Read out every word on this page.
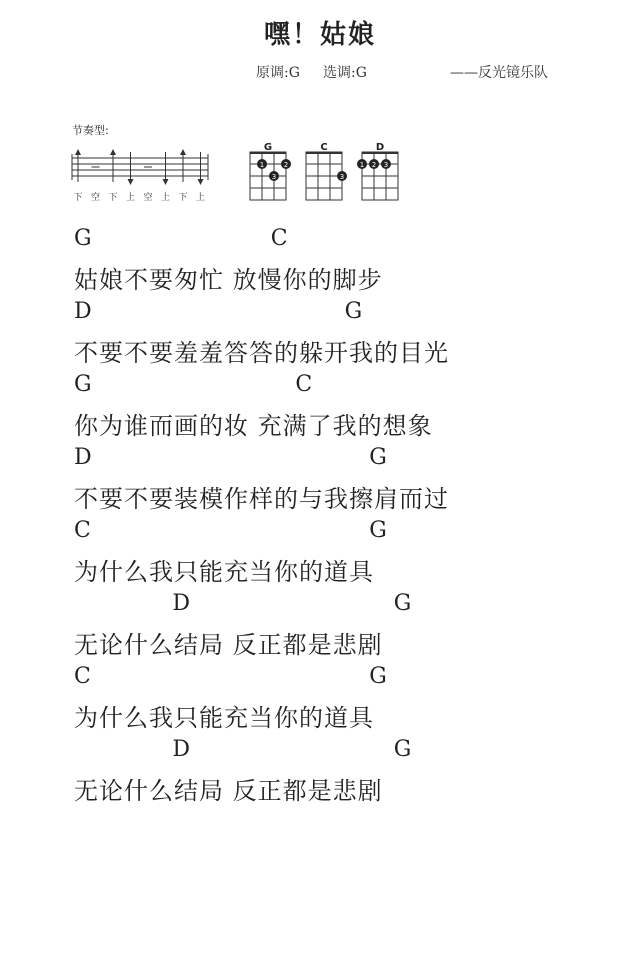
嘿！姑娘
原调:G 选调:G	——反光镜乐队
节奏型:
下 空 下 上 空 上 下 上
G
1	2
3
C
3
D
1 2 3
G	C
姑娘不要匆忙 放慢你的脚步
D	G
不要不要羞羞答答的躲开我的目光
G	C
你为谁而画的妆 充满了我的想象
D	G
不要不要装模作样的与我擦肩而过
C	G
为什么我只能充当你的道具
D	G
无论什么结局 反正都是悲剧
C	G
为什么我只能充当你的道具
D	G
无论什么结局 反正都是悲剧
